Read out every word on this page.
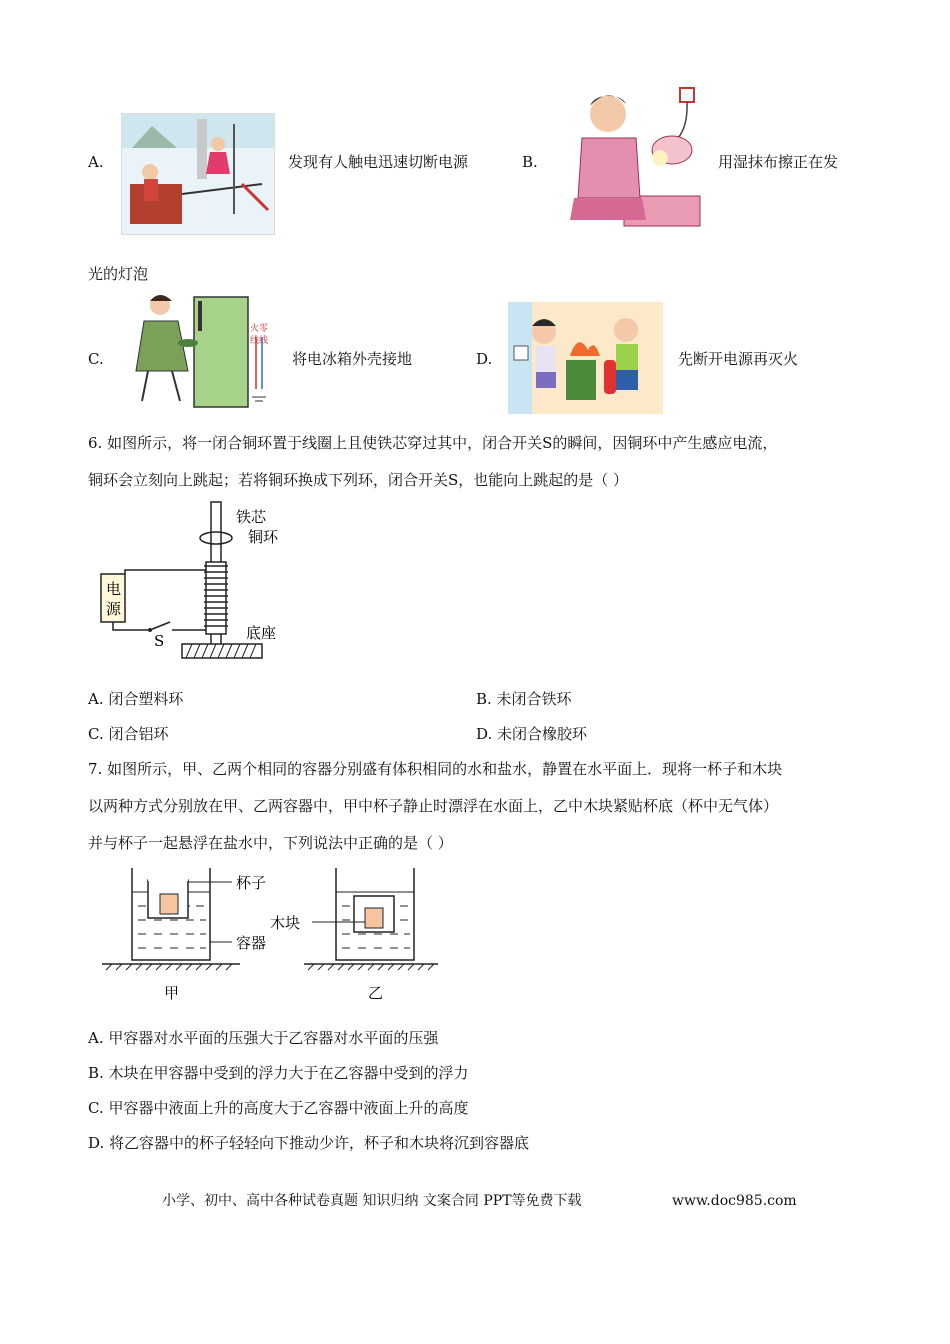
A.	发现有人触电迅速切断电源	B.	用湿抹布擦正在发
光的灯泡
C.
火零
线线
将电冰箱外壳接地	D.	先断开电源再灭火
6. 如图所示，将一闭合铜环置于线圈上且使铁芯穿过其中，闭合开关S的瞬间，因铜环中产生感应电流，
铜环会立刻向上跳起；若将铜环换成下列环，闭合开关S，也能向上跳起的是（ ）
铁芯
铜环
电
源
S	底座
A. 闭合塑料环	B. 未闭合铁环
C. 闭合铝环	D. 未闭合橡胶环
7. 如图所示，甲、乙两个相同的容器分别盛有体积相同的水和盐水，静置在水平面上．现将一杯子和木块
以两种方式分别放在甲、乙两容器中，甲中杯子静止时漂浮在水面上，乙中木块紧贴杯底（杯中无气体）
并与杯子一起悬浮在盐水中，下列说法中正确的是（ ）
杯子
容器
木块
甲	乙
A. 甲容器对水平面的压强大于乙容器对水平面的压强
B. 木块在甲容器中受到的浮力大于在乙容器中受到的浮力
C. 甲容器中液面上升的高度大于乙容器中液面上升的高度
D. 将乙容器中的杯子轻轻向下推动少许，杯子和木块将沉到容器底
小学、初中、高中各种试卷真题 知识归纳 文案合同 PPT等免费下载	www.doc985.com
